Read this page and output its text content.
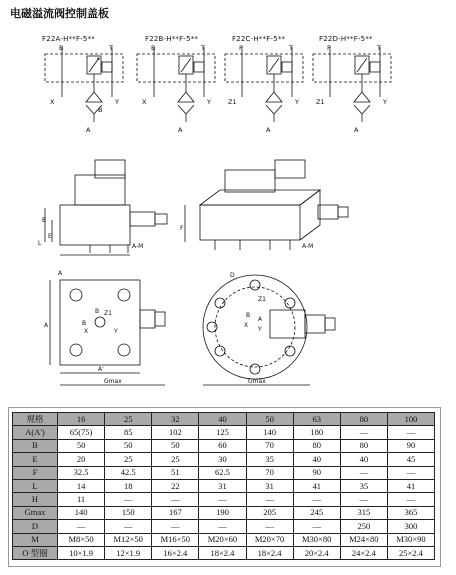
电磁溢流阀控制盖板
F22A-H**F-5**	F22B-H**F-5**	F22C-H**F-5**	F22D-H**F-5**
B	T
X	Y
B
A
B	T
X	Y
A
P	T
Z1	Y
A
P	T
Z1	Y
A
B
E
L	A-M	A-M
F
A
A
B Z1
B
X	Y
A'
Gmax
D
Z1
B
X
A
Y
Gmax
规格	16	25	32	40	50	63	80	100
A(A')	65(75)	85	102	125	140	180	—	—
B	50	50	50	60	70	80	80	90
E	20	25	25	30	35	40	40	45
F	32.5	42.5	51	62.5	70	90	—	—
L	14	18	22	31	31	41	35	41
H	11	—	—	—	—	—	—	—
Gmax	140	150	167	190	205	245	315	365
D	—	—	—	—	—	—	250	300
M	M8×50	M12×50	M16×50	M20×60	M20×70	M30×80	M24×80	M30×90
O 型圈	10×1.9	12×1.9	16×2.4	18×2.4	18×2.4	20×2.4	24×2.4	25×2.4
